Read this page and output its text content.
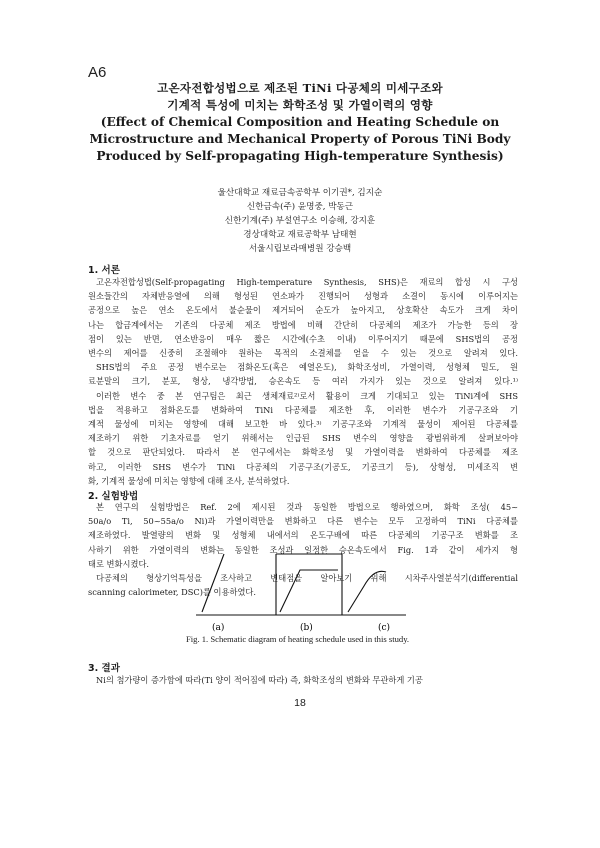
A6
고온자전합성법으로 제조된 TiNi 다공체의 미세구조와
기계적 특성에 미치는 화학조성 및 가열이력의 영향
(Effect of Chemical Composition and Heating Schedule on
Microstructure and Mechanical Property of Porous TiNi Body
Produced by Self-propagating High-temperature Synthesis)
울산대학교 재료금속공학부 이기권*, 김지순
신한금속(주) 윤명중, 박동근
신한기계(주) 부설연구소 이승해, 강지훈
경상대학교 재료공학부 남태현
서울시립보라매병원 강승백
1. 서론
고온자전합성법(Self-propagating High-temperature Synthesis, SHS)은 재료의 합성 시 구성
원소들간의 자체반응열에 의해 형성된 연소파가 진행되어 성형과 소결이 동시에 이루어지는
공정으로 높은 연소 온도에서 불순물이 제거되어 순도가 높아지고, 상호확산 속도가 크게 차이
나는 합금계에서는 기존의 다공체 제조 방법에 비해 간단히 다공체의 제조가 가능한 등의 장
점이 있는 반면, 연소반응이 매우 짧은 시간에(수초 이내) 이루어지기 때문에 SHS법의 공정
변수의 제어를 신중히 조절해야 원하는 목적의 소결체를 얻을 수 있는 것으로 알려져 있다.
SHS법의 주요 공정 변수로는 점화온도(혹은 예열온도), 화학조성비, 가열이력, 성형체 밀도, 원
료분말의 크기, 분포, 형상, 냉각방법, 승온속도 등 여러 가지가 있는 것으로 알려져 있다.¹⁾
이러한 변수 중 본 연구팀은 최근 생체재료²⁾로서 활용이 크게 기대되고 있는 TiNi계에 SHS
법을 적용하고 점화온도를 변화하여 TiNi 다공체를 제조한 후, 이러한 변수가 기공구조와 기
계적 물성에 미치는 영향에 대해 보고한 바 있다.³⁾ 기공구조와 기계적 물성이 제어된 다공체를
제조하기 위한 기초자료를 얻기 위해서는 인급된 SHS 변수의 영향을 광범위하게 살펴보아야
할 것으로 판단되었다. 따라서 본 연구에서는 화학조성 및 가열이력을 변화하여 다공체를 제조
하고, 이러한 SHS 변수가 TiNi 다공체의 기공구조(기공도, 기공크기 등), 상형성, 미세조직 변
화, 기계적 물성에 미치는 영향에 대해 조사, 분석하였다.
2. 실험방법
본 연구의 실험방법은 Ref. 2에 제시된 것과 동일한 방법으로 행하였으며, 화학 조성( 45~
50a/o Ti, 50~55a/o Ni)과 가열이력만을 변화하고 다른 변수는 모두 고정하여 TiNi 다공체를
제조하였다. 발열량의 변화 및 성형체 내에서의 온도구배에 따른 다공체의 기공구조 변화를 조
사하기 위한 가열이력의 변화는 동일한 조성과 일정한 승온속도에서 Fig. 1과 같이 세가지 형
태로 변화시켰다.
다공체의 형상기억특성을 조사하고 변태점을 알아보기 위해 시차주사열분석기(differential
scanning calorimeter, DSC)를 이용하였다.
(a)	(b)	(c)
Fig. 1. Schematic diagram of heating schedule used in this study.
3. 결과
Ni의 첨가량이 증가함에 따라(Ti 양이 적어짐에 따라) 즉, 화학조성의 변화와 무관하게 기공
18
